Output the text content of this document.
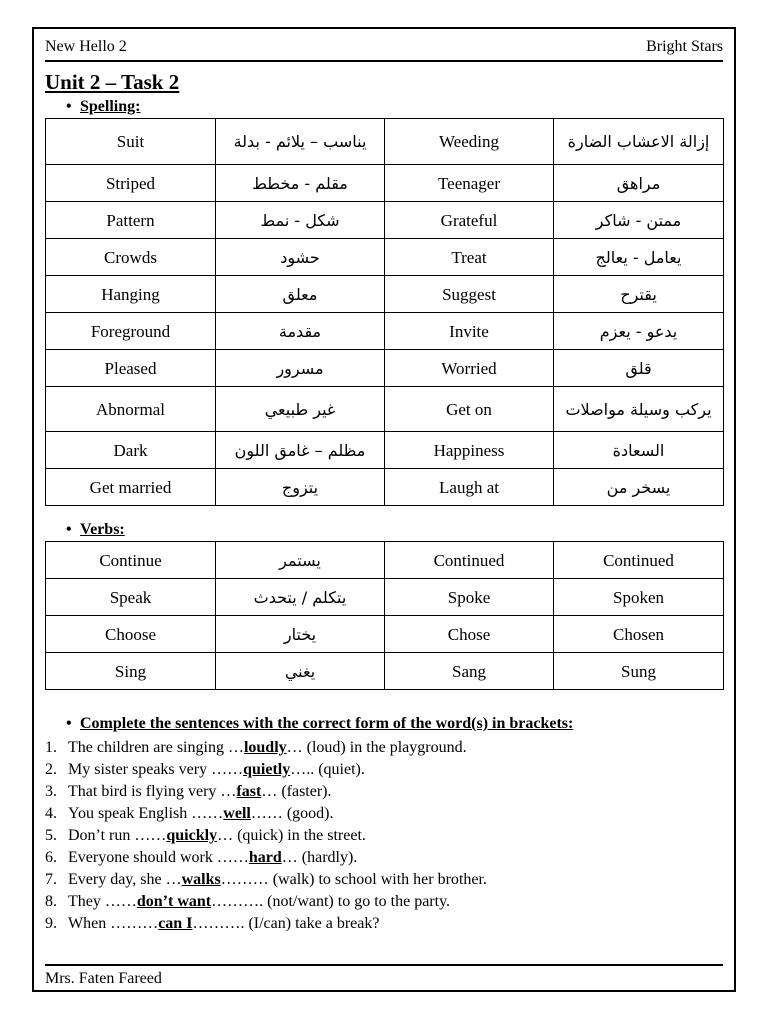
New Hello 2	Bright Stars
Unit 2 – Task 2
• Spelling:
Suit	يناسب – يلائم - بدلة	Weeding	إزالة الاعشاب الضارة
Striped	مقلم - مخطط	Teenager	مراهق
Pattern	شكل - نمط	Grateful	ممتن - شاكر
Crowds	حشود	Treat	يعامل - يعالج
Hanging	معلق	Suggest	يقترح
Foreground	مقدمة	Invite	يدعو - يعزم
Pleased	مسرور	Worried	قلق
Abnormal	غير طبيعي	Get on	يركب وسيلة مواصلات
Dark	مظلم – غامق اللون	Happiness	السعادة
Get married	يتزوج	Laugh at	يسخر من
• Verbs:
Continue	يستمر	Continued	Continued
Speak	يتكلم / يتحدث	Spoke	Spoken
Choose	يختار	Chose	Chosen
Sing	يغني	Sang	Sung
• Complete the sentences with the correct form of the word(s) in brackets:
The children are singing …loudly… (loud) in the playground.
My sister speaks very ……quietly….. (quiet).
That bird is flying very …fast… (faster).
You speak English ……well…… (good).
Don’t run ……quickly… (quick) in the street.
Everyone should work ……hard… (hardly).
Every day, she …walks……… (walk) to school with her brother.
They ……don’t want………. (not/want) to go to the party.
When ………can I………. (I/can) take a break?
Mrs. Faten Fareed
